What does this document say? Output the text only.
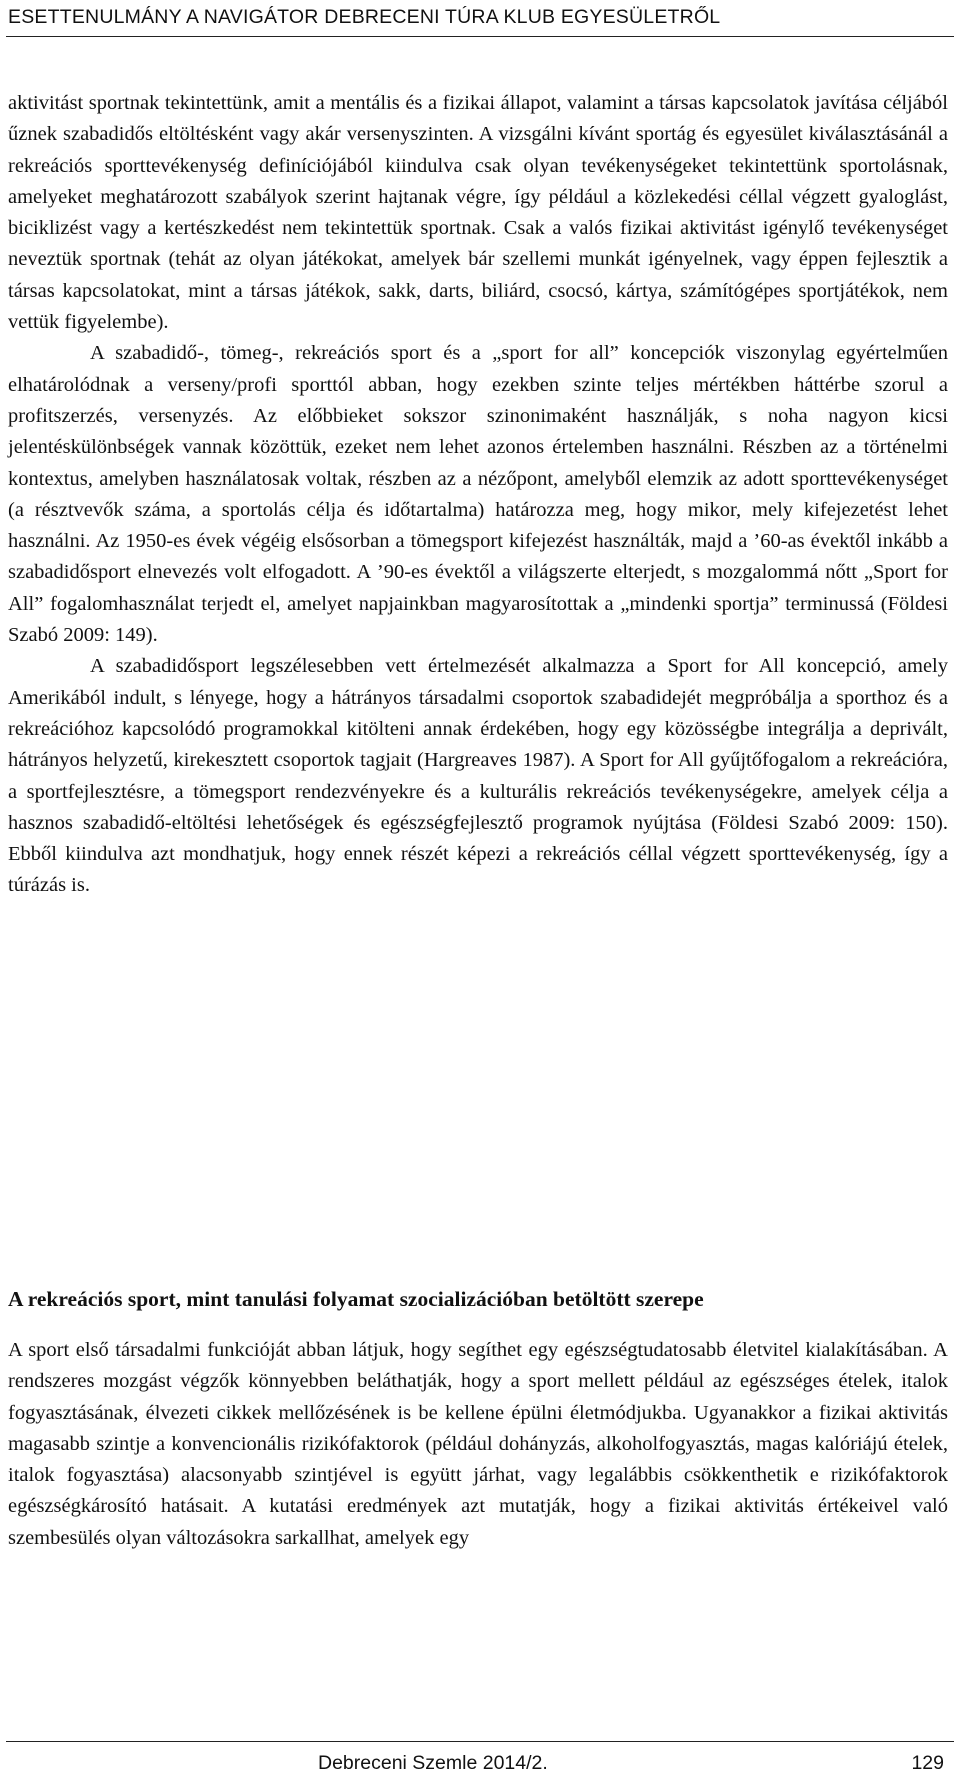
ESETTENULMÁNY A NAVIGÁTOR DEBRECENI TÚRA KLUB EGYESÜLETRŐL

aktivitást sportnak tekintettünk, amit a mentális és a fizikai állapot, valamint a társas kapcsolatok javítása céljából űznek szabadidős eltöltésként vagy akár versenyszinten. A vizsgálni kívánt sportág és egyesület kiválasztásánál a rekreációs sporttevékenység definíciójából kiindulva csak olyan tevékenységeket tekintettünk sportolásnak, amelyeket meghatározott szabályok szerint hajtanak végre, így például a közlekedési céllal végzett gyaloglást, biciklizést vagy a kertészkedést nem tekintettük sportnak. Csak a valós fizikai aktivitást igénylő tevékenységet neveztük sportnak (tehát az olyan játékokat, amelyek bár szellemi munkát igényelnek, vagy éppen fejlesztik a társas kapcsolatokat, mint a társas játékok, sakk, darts, biliárd, csocsó, kártya, számítógépes sportjátékok, nem vettük figyelembe).

A szabadidő-, tömeg-, rekreációs sport és a „sport for all” koncepciók viszonylag egyértelműen elhatárolódnak a verseny/profi sporttól abban, hogy ezekben szinte teljes mértékben háttérbe szorul a profitszerzés, versenyzés. Az előbbieket sokszor szinonimaként használják, s noha nagyon kicsi jelentéskülönbségek vannak közöttük, ezeket nem lehet azonos értelemben használni. Részben az a történelmi kontextus, amelyben használatosak voltak, részben az a nézőpont, amelyből elemzik az adott sporttevékenységet (a résztvevők száma, a sportolás célja és időtartalma) határozza meg, hogy mikor, mely kifejezetést lehet használni. Az 1950-es évek végéig elsősorban a tömegsport kifejezést használták, majd a ’60-as évektől inkább a szabadidősport elnevezés volt elfogadott. A ’90-es évektől a világszerte elterjedt, s mozgalommá nőtt „Sport for All” fogalomhasználat terjedt el, amelyet napjainkban magyarosítottak a „mindenki sportja” terminussá (Földesi Szabó 2009: 149).

A szabadidősport legszélesebben vett értelmezését alkalmazza a Sport for All koncepció, amely Amerikából indult, s lényege, hogy a hátrányos társadalmi csoportok szabadidejét megpróbálja a sporthoz és a rekreációhoz kapcsolódó programokkal kitölteni annak érdekében, hogy egy közösségbe integrálja a deprivált, hátrányos helyzetű, kirekesztett csoportok tagjait (Hargreaves 1987). A Sport for All gyűjtőfogalom a rekreációra, a sportfejlesztésre, a tömegsport rendezvényekre és a kulturális rekreációs tevékenységekre, amelyek célja a hasznos szabadidő-eltöltési lehetőségek és egészségfejlesztő programok nyújtása (Földesi Szabó 2009: 150). Ebből kiindulva azt mondhatjuk, hogy ennek részét képezi a rekreációs céllal végzett sporttevékenység, így a túrázás is.

A rekreációs sport, mint tanulási folyamat szocializációban betöltött szerepe

A sport első társadalmi funkcióját abban látjuk, hogy segíthet egy egészségtudatosabb életvitel kialakításában. A rendszeres mozgást végzők könnyebben beláthatják, hogy a sport mellett például az egészséges ételek, italok fogyasztásának, élvezeti cikkek mellőzésének is be kellene épülni életmódjukba. Ugyanakkor a fizikai aktivitás magasabb szintje a konvencionális rizikófaktorok (például dohányzás, alkoholfogyasztás, magas kalóriájú ételek, italok fogyasztása) alacsonyabb szintjével is együtt járhat, vagy legalábbis csökkenthetik e rizikófaktorok egészségkárosító hatásait. A kutatási eredmények azt mutatják, hogy a fizikai aktivitás értékeivel való szembesülés olyan változásokra sarkallhat, amelyek egy

Debreceni Szemle 2014/2.	129
